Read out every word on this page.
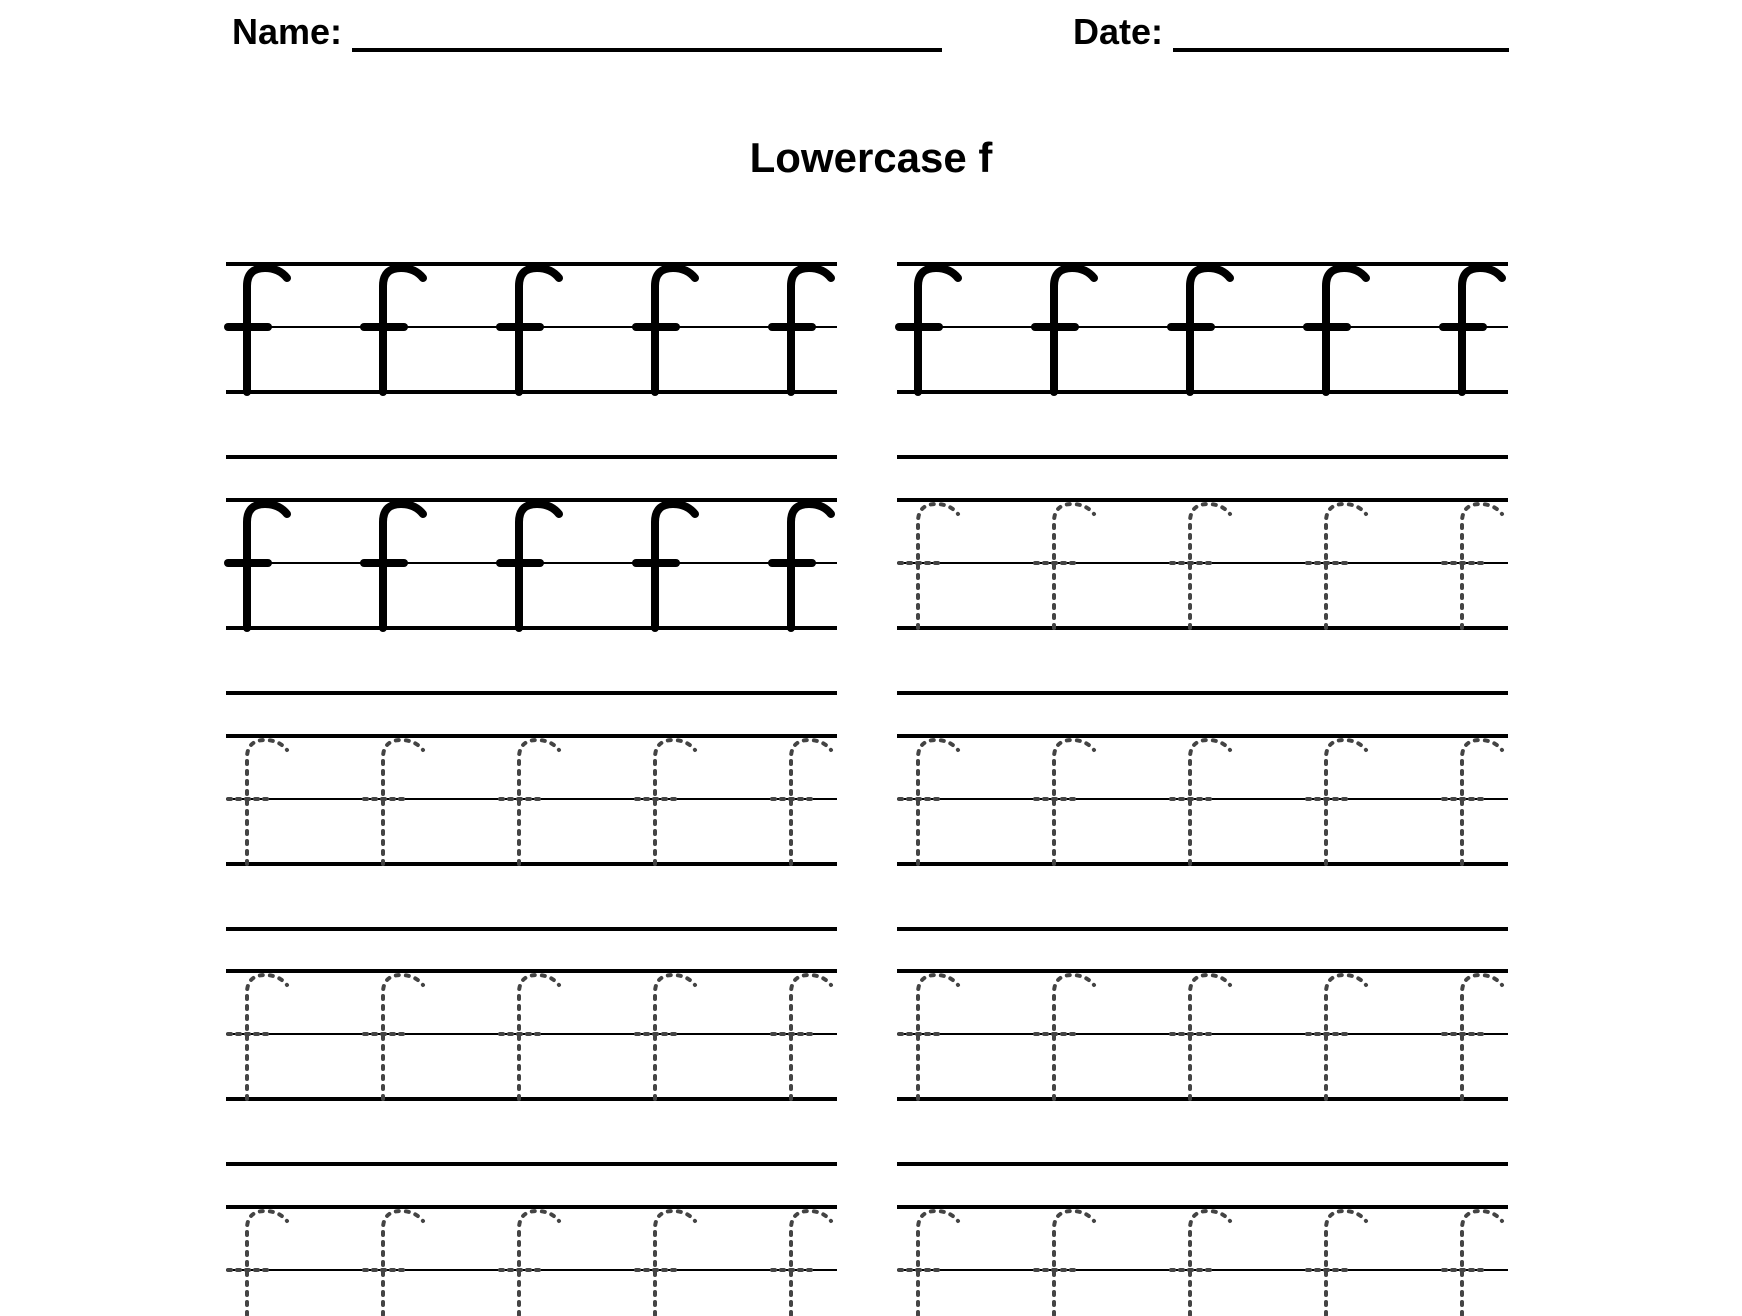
Name:	Date:
Lowercase f
